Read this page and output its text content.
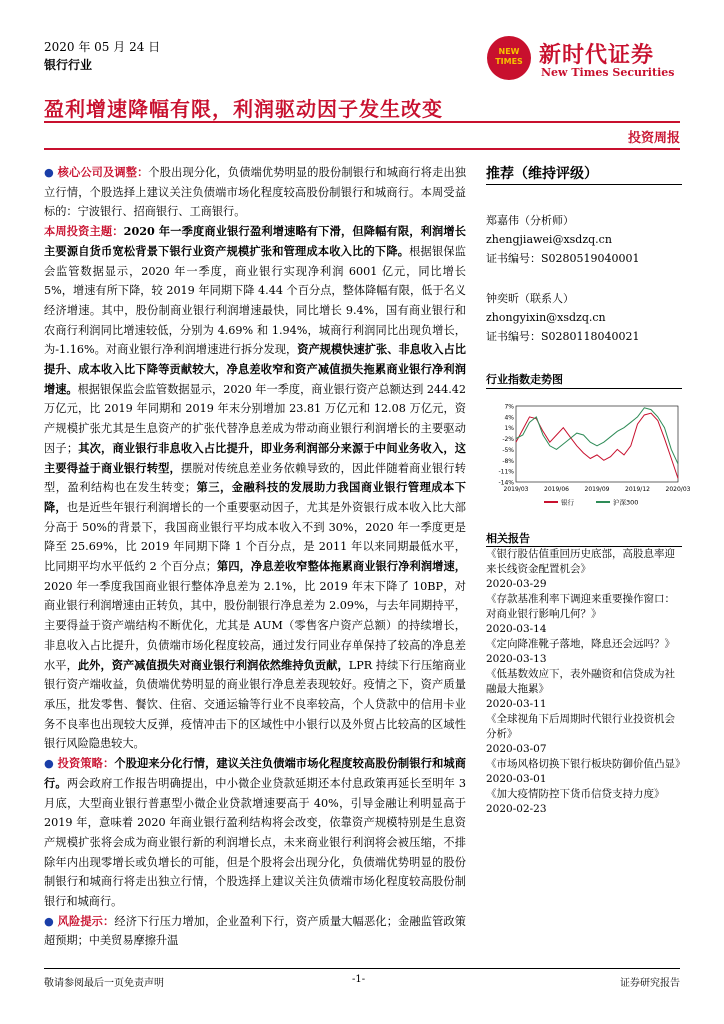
2020 年 05 月 24 日
银行行业
NEW TIMES 新时代证券
New Times Securities
盈利增速降幅有限，利润驱动因子发生改变
投资周报

● 核心公司及调整：个股出现分化，负债端优势明显的股份制银行和城商行将走出独立行情，个股选择上建议关注负债端市场化程度较高股份制银行和城商行。本周受益标的：宁波银行、招商银行、工商银行。

本周投资主题：2020 年一季度商业银行盈利增速略有下滑，但降幅有限，利润增长主要源自货币宽松背景下银行业资产规模扩张和管理成本收入比的下降。根据银保监会监管数据显示，2020 年一季度，商业银行实现净利润 6001 亿元，同比增长 5%，增速有所下降，较 2019 年同期下降 4.44 个百分点，整体降幅有限，低于名义经济增速。其中，股份制商业银行利润增速最快，同比增长 9.4%，国有商业银行和农商行利润同比增速较低，分别为 4.69% 和 1.94%，城商行利润同比出现负增长，为-1.16%。对商业银行净利润增速进行拆分发现，资产规模快速扩张、非息收入占比提升、成本收入比下降等贡献较大，净息差收窄和资产减值损失拖累商业银行净利润增速。根据银保监会监管数据显示，2020 年一季度，商业银行资产总额达到 244.42 万亿元，比 2019 年同期和 2019 年末分别增加 23.81 万亿元和 12.08 万亿元，资产规模扩张尤其是生息资产的扩张代替净息差成为带动商业银行利润增长的主要驱动因子；其次，商业银行非息收入占比提升，即业务利润部分来源于中间业务收入，这主要得益于商业银行转型，摆脱对传统息差业务依赖导致的，因此伴随着商业银行转型，盈利结构也在发生转变；第三，金融科技的发展助力我国商业银行管理成本下降，也是近些年银行利润增长的一个重要驱动因子，尤其是外资银行成本收入比大部分高于 50%的背景下，我国商业银行平均成本收入不到 30%，2020 年一季度更是降至 25.69%，比 2019 年同期下降 1 个百分点，是 2011 年以来同期最低水平，比同期平均水平低约 2 个百分点；第四，净息差收窄整体拖累商业银行净利润增速，2020 年一季度我国商业银行整体净息差为 2.1%，比 2019 年末下降了 10BP，对商业银行利润增速由正转负，其中，股份制银行净息差为 2.09%，与去年同期持平，主要得益于资产端结构不断优化，尤其是 AUM（零售客户资产总额）的持续增长，非息收入占比提升，负债端市场化程度较高，通过发行同业存单保持了较高的净息差水平，此外，资产减值损失对商业银行利润依然维持负贡献，LPR 持续下行压缩商业银行资产端收益，负债端优势明显的商业银行净息差表现较好。疫情之下，资产质量承压，批发零售、餐饮、住宿、交通运输等行业不良率较高，个人贷款中的信用卡业务不良率也出现较大反弹，疫情冲击下的区域性中小银行以及外贸占比较高的区域性银行风险隐患较大。

● 投资策略：个股迎来分化行情，建议关注负债端市场化程度较高股份制银行和城商行。两会政府工作报告明确提出，中小微企业贷款延期还本付息政策再延长至明年 3 月底，大型商业银行普惠型小微企业贷款增速要高于 40%，引导金融让利明显高于 2019 年，意味着 2020 年商业银行盈利结构将会改变，依靠资产规模特别是生息资产规模扩张将会成为商业银行新的利润增长点，未来商业银行利润将会被压缩，不排除年内出现零增长或负增长的可能，但是个股将会出现分化，负债端优势明显的股份制银行和城商行将走出独立行情，个股选择上建议关注负债端市场化程度较高股份制银行和城商行。

● 风险提示：经济下行压力增加，企业盈利下行，资产质量大幅恶化；金融监管政策超预期；中美贸易摩擦升温

推荐（维持评级）
郑嘉伟（分析师）
zhengjiawei@xsdzq.cn
证书编号：S0280519040001
钟奕昕（联系人）
zhongyixin@xsdzq.cn
证书编号：S0280118040021
行业指数走势图
7%
4%
1%
-2%
-5%
-8%
-11%
-14%
2019/03	2019/06	2019/09	2019/12	2020/03
银行	沪深300
相关报告
《银行股估值重回历史底部，高股息率迎来长线资金配置机会》
2020-03-29
《存款基准利率下调迎来重要操作窗口：对商业银行影响几何？》
2020-03-14
《定向降准靴子落地，降息还会远吗？》
2020-03-13
《低基数效应下，表外融资和信贷成为社融最大拖累》
2020-03-11
《全球视角下后周期时代银行业投资机会分析》
2020-03-07
《市场风格切换下银行板块防御价值凸显》
2020-03-01
《加大疫情防控下货币信贷支持力度》
2020-02-23
敬请参阅最后一页免责声明	-1-	证券研究报告
